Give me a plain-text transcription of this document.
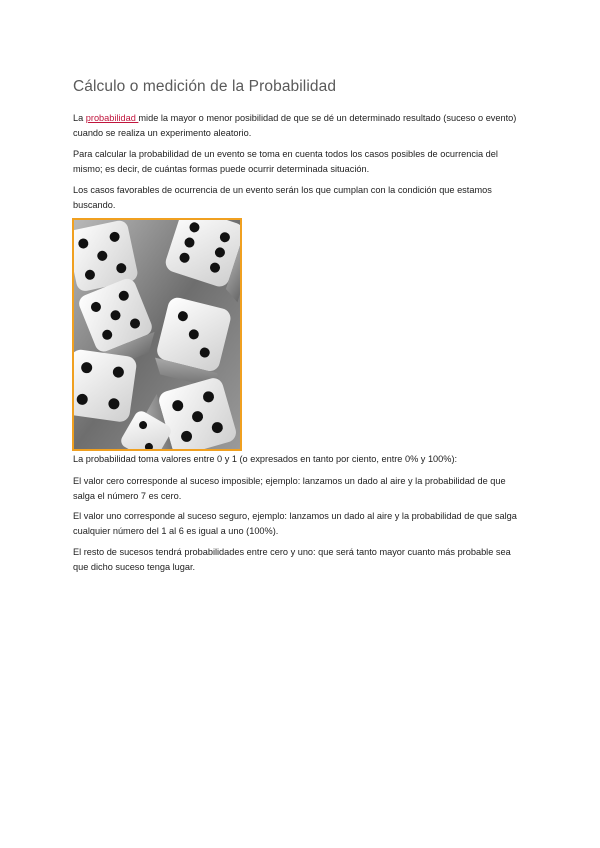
Cálculo o medición de la Probabilidad

La probabilidad mide la mayor o menor posibilidad de que se dé un determinado resultado (suceso o evento) cuando se realiza un experimento aleatorio.

Para calcular la probabilidad de un evento se toma en cuenta todos los casos posibles de ocurrencia del mismo; es decir, de cuántas formas puede ocurrir determinada situación.

Los casos favorables de ocurrencia de un evento serán los que cumplan con la condición que estamos buscando.

La probabilidad toma valores entre 0 y 1 (o expresados en tanto por ciento, entre 0% y 100%):

El valor cero corresponde al suceso imposible; ejemplo: lanzamos un dado al aire y la probabilidad de que salga el número 7 es cero.

El valor uno corresponde al suceso seguro, ejemplo: lanzamos un dado al aire y la probabilidad de que salga cualquier número del 1 al 6 es igual a uno (100%).

El resto de sucesos tendrá probabilidades entre cero y uno: que será tanto mayor cuanto más probable sea que dicho suceso tenga lugar.
